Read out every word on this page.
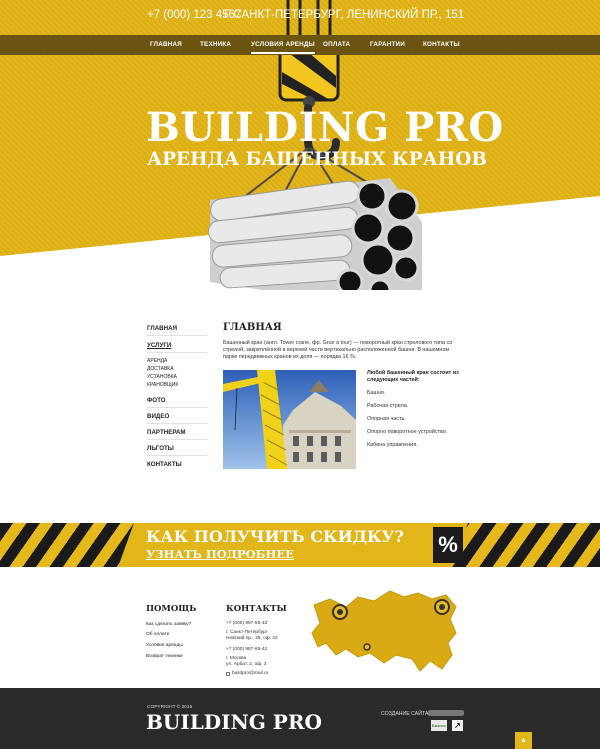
+7 (000) 123 4567
Г САНКТ-ПЕТЕРБУРГ, ЛЕНИНСКИЙ ПР., 151
ГЛАВНАЯ	ТЕХНИКА	УСЛОВИЯ АРЕНДЫ ОПЛАТА	ГАРАНТИИ	КОНТАКТЫ
BUILDING PRO
АРЕНДА БАШЕННЫХ КРАНОВ
ГЛАВНАЯ
УСЛУГИ
АРЕНДА
ДОСТАВКА
УСТАНОВКА
КРАНОВЩИК
ФОТО
ВИДЕО
ПАРТНЕРАМ
ЛЬГОТЫ
КОНТАКТЫ
ГЛАВНАЯ

Башенный кран (англ. Tower crane, фр. Grue à tour) — поворотный кран стрелового типа со стрелой, закреплённой в верхней части вертикально расположенной башни. В нашемном парке передвижных кранов их доля — порядка 16 %.

Любой башенный кран состоит из следующих частей:
Башня.
Рабочая стрела.
Опорная часть.
Опорно поворотное устройство.
Кабина управления.
КАК ПОЛУЧИТЬ СКИДКУ?
УЗНАТЬ ПОДРОБНЕЕ	%
ПОМОЩЬ
Как сделать заявку?
Об оплате
Условия аренды
Возврат техники
КОНТАКТЫ
+7 (000) 987-65-43
г. Санкт-Петербург
Невский пр., 35, оф. 22
+7 (000) 987-65-42
г. Москва
ул. Арбат, 2, оф. 3
buildpro@mail.ru
COPYRIGHT © 2015
BUILDING PRO	СОЗДАНИЕ САЙТА
Бизнес ↗
▲
